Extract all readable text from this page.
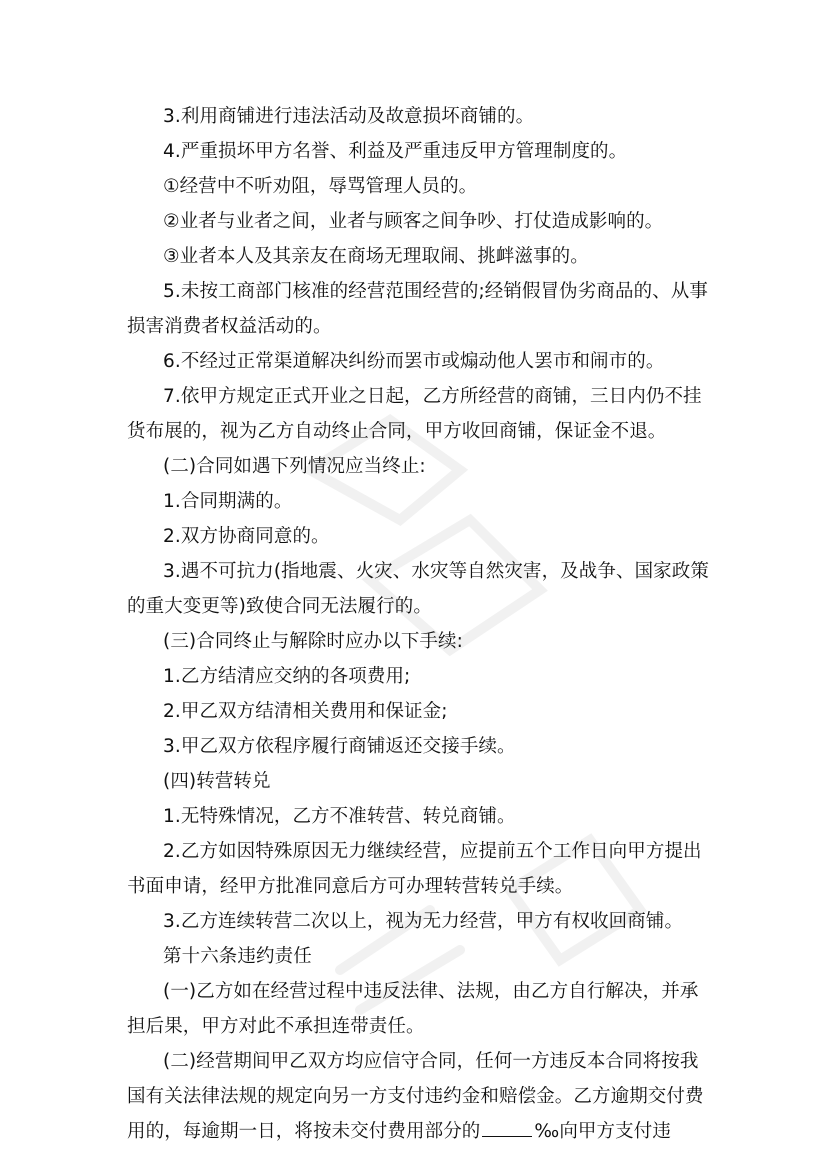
3.利用商铺进行违法活动及故意损坏商铺的。

4.严重损坏甲方名誉、利益及严重违反甲方管理制度的。

①经营中不听劝阻，辱骂管理人员的。

②业者与业者之间，业者与顾客之间争吵、打仗造成影响的。

③业者本人及其亲友在商场无理取闹、挑衅滋事的。

5.未按工商部门核准的经营范围经营的;经销假冒伪劣商品的、从事损害消费者权益活动的。

6.不经过正常渠道解决纠纷而罢市或煽动他人罢市和闹市的。

7.依甲方规定正式开业之日起，乙方所经营的商铺，三日内仍不挂货布展的，视为乙方自动终止合同，甲方收回商铺，保证金不退。

(二)合同如遇下列情况应当终止:

1.合同期满的。

2.双方协商同意的。

3.遇不可抗力(指地震、火灾、水灾等自然灾害，及战争、国家政策的重大变更等)致使合同无法履行的。

(三)合同终止与解除时应办以下手续:

1.乙方结清应交纳的各项费用;

2.甲乙双方结清相关费用和保证金;

3.甲乙双方依程序履行商铺返还交接手续。

(四)转营转兑

1.无特殊情况，乙方不准转营、转兑商铺。

2.乙方如因特殊原因无力继续经营，应提前五个工作日向甲方提出书面申请，经甲方批准同意后方可办理转营转兑手续。

3.乙方连续转营二次以上，视为无力经营，甲方有权收回商铺。

第十六条违约责任

(一)乙方如在经营过程中违反法律、法规，由乙方自行解决，并承担后果，甲方对此不承担连带责任。

(二)经营期间甲乙双方均应信守合同，任何一方违反本合同将按我国有关法律法规的规定向另一方支付违约金和赔偿金。乙方逾期交付费用的，每逾期一日，将按未交付费用部分的	‰向甲方支付违
